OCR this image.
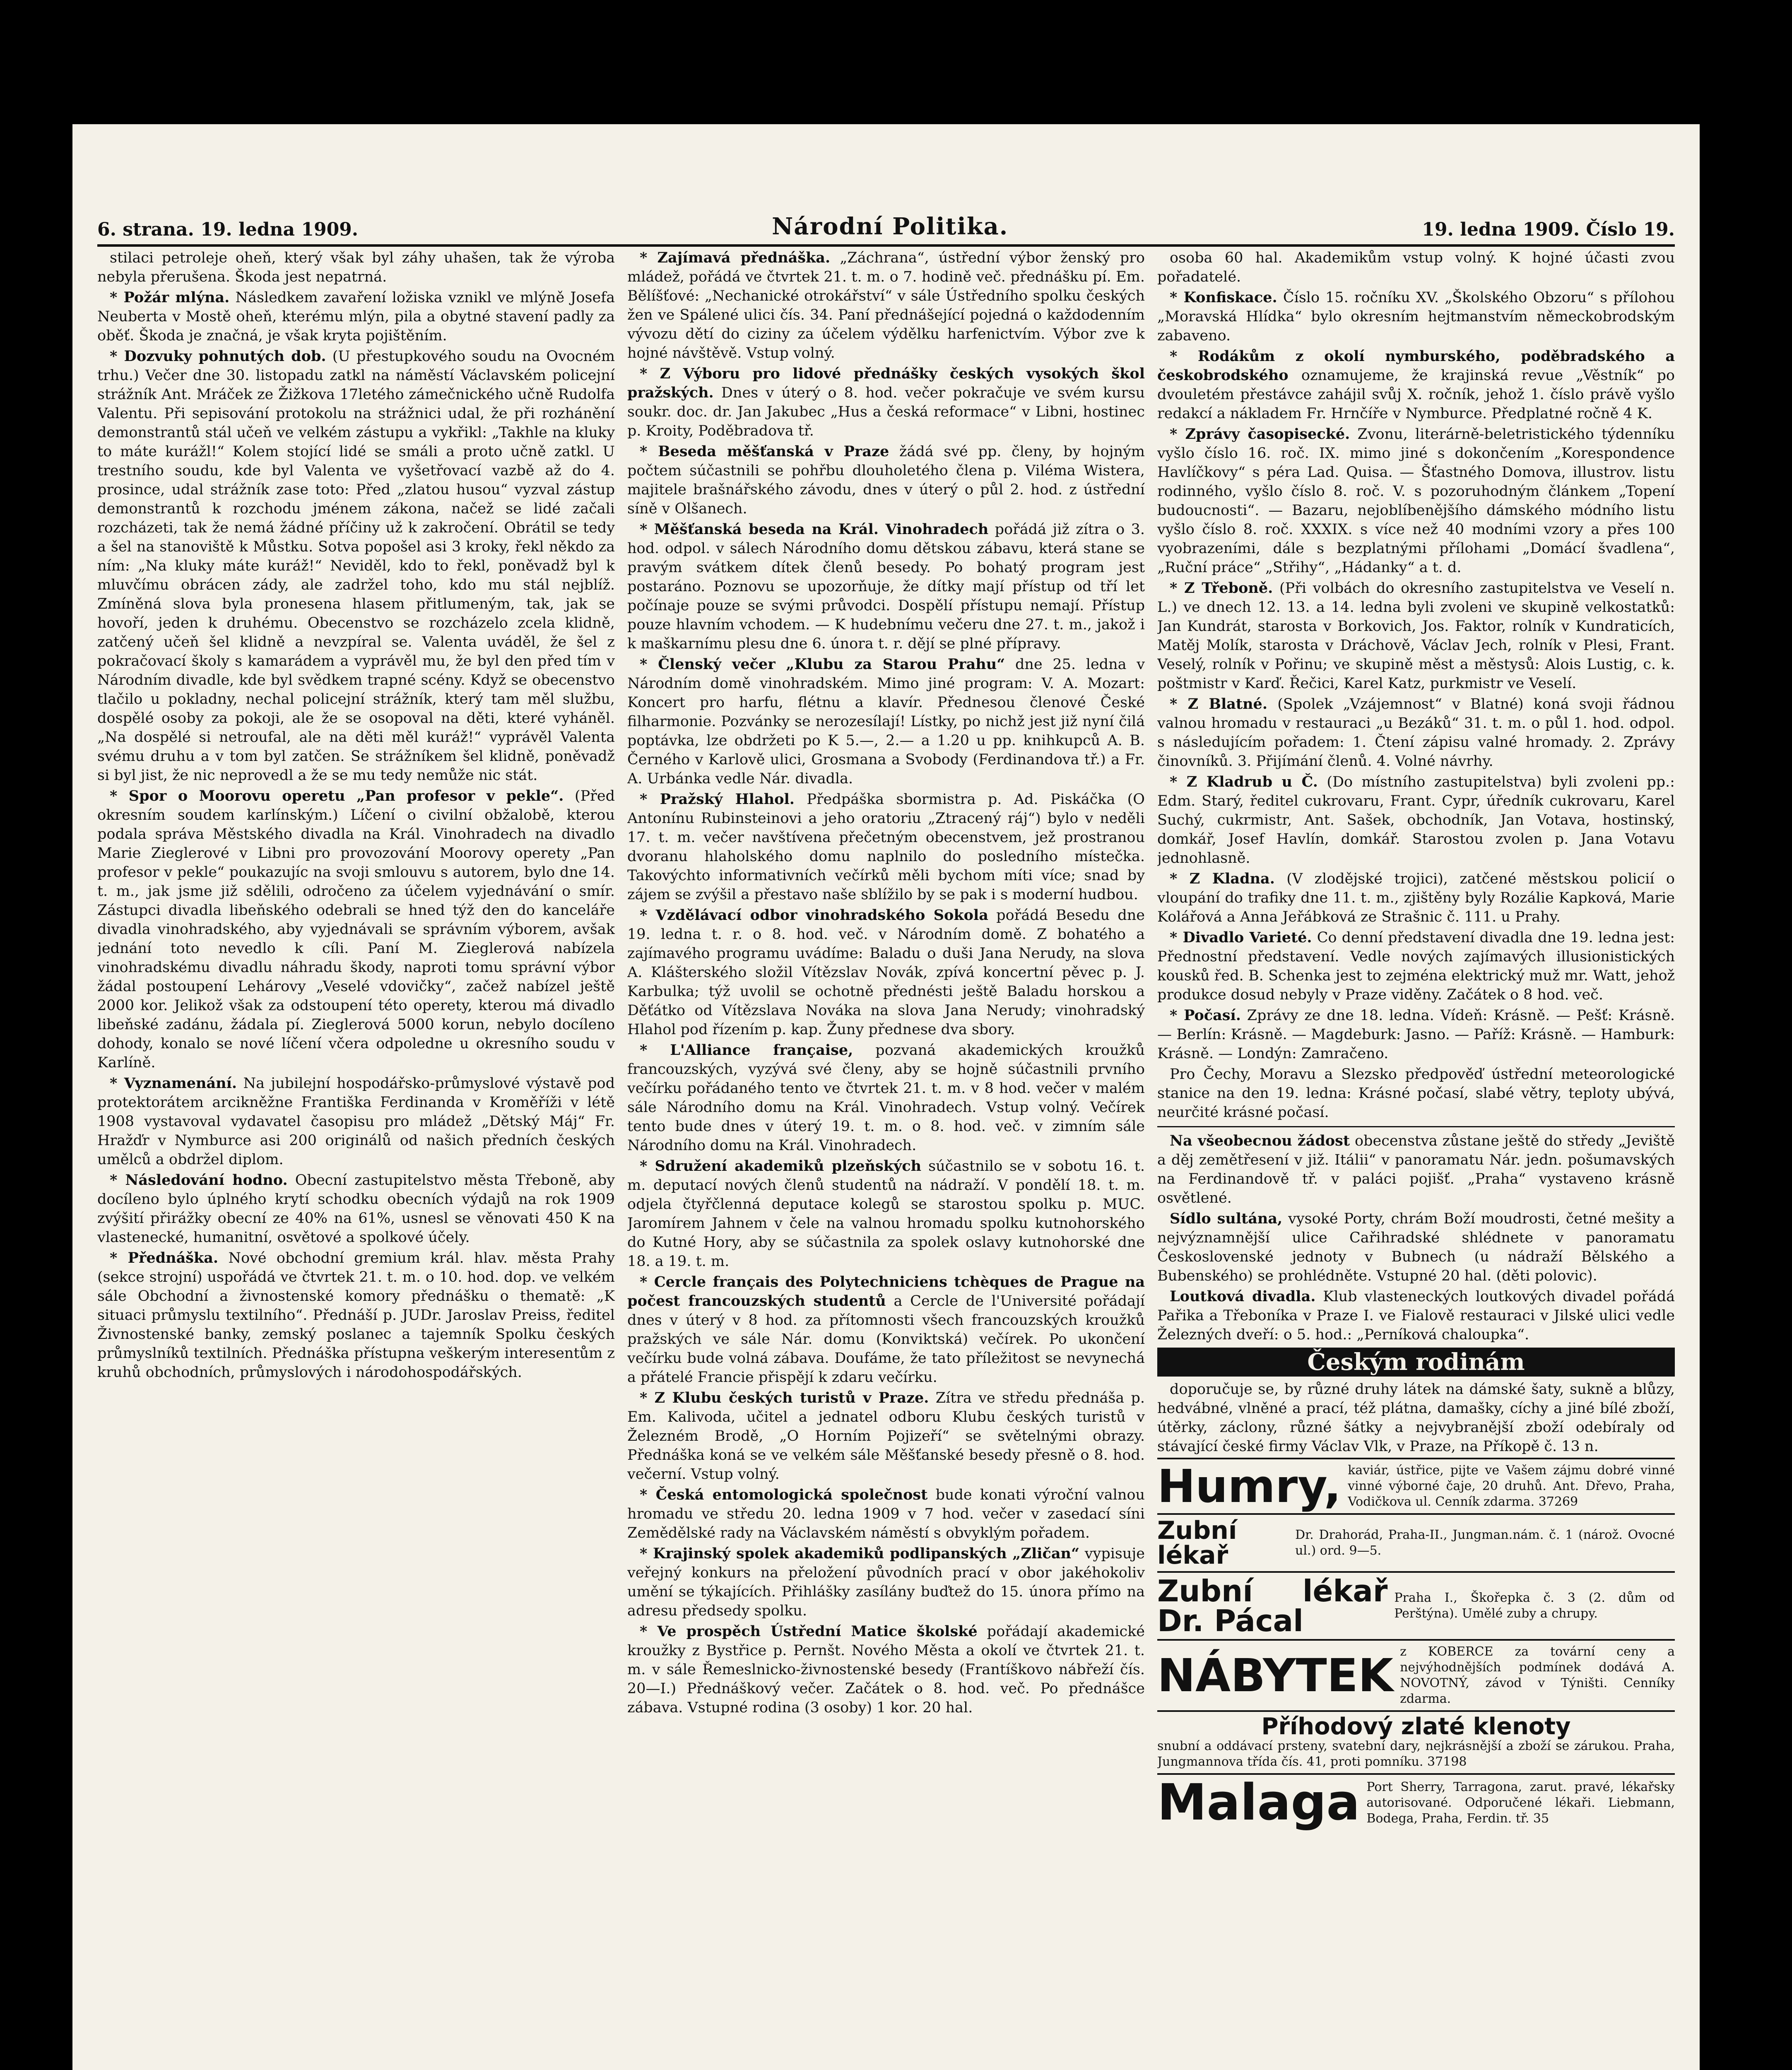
6. strana. 19. ledna 1909.	Národní Politika.	19. ledna 1909. Číslo 19.

stilaci petroleje oheň, který však byl záhy uhašen, tak že výroba nebyla přerušena. Škoda jest nepatrná.

* Požár mlýna. Následkem zavaření ložiska vznikl ve mlýně Josefa Neuberta v Mostě oheň, kterému mlýn, pila a obytné stavení padly za oběť. Škoda je značná, je však kryta pojištěním.

* Dozvuky pohnutých dob. (U přestupkového soudu na Ovocném trhu.) Večer dne 30. listopadu zatkl na náměstí Václavském policejní strážník Ant. Mráček ze Žižkova 17letého zámečnického učně Rudolfa Valentu. Při sepisování protokolu na strážnici udal, že při rozhánění demonstrantů stál učeň ve velkém zástupu a vykřikl: „Takhle na kluky to máte kurážl!“ Kolem stojící lidé se smáli a proto učně zatkl. U trestního soudu, kde byl Valenta ve vyšetřovací vazbě až do 4. prosince, udal strážník zase toto: Před „zlatou husou“ vyzval zástup demonstrantů k rozchodu jménem zákona, načež se lidé začali rozcházeti, tak že nemá žádné příčiny už k zakročení. Obrátil se tedy a šel na stanoviště k Můstku. Sotva popošel asi 3 kroky, řekl někdo za ním: „Na kluky máte kuráž!“ Neviděl, kdo to řekl, poněvadž byl k mluvčímu obrácen zády, ale zadržel toho, kdo mu stál nejblíž. Zmíněná slova byla pronesena hlasem přitlumeným, tak, jak se hovoří, jeden k druhému. Obecenstvo se rozcházelo zcela klidně, zatčený učeň šel klidně a nevzpíral se. Valenta uváděl, že šel z pokračovací školy s kamarádem a vyprávěl mu, že byl den před tím v Národním divadle, kde byl svědkem trapné scény. Když se obecenstvo tlačilo u pokladny, nechal policejní strážník, který tam měl službu, dospělé osoby za pokoji, ale že se osopoval na děti, které vyháněl. „Na dospělé si netroufal, ale na děti měl kuráž!“ vyprávěl Valenta svému druhu a v tom byl zatčen. Se strážníkem šel klidně, poněvadž si byl jist, že nic neprovedl a že se mu tedy nemůže nic stát.

* Spor o Moorovu operetu „Pan profesor v pekle“. (Před okresním soudem karlínským.) Líčení o civilní obžalobě, kterou podala správa Městského divadla na Král. Vinohradech na divadlo Marie Zieglerové v Libni pro provozování Moorovy operety „Pan profesor v pekle“ poukazujíc na svoji smlouvu s autorem, bylo dne 14. t. m., jak jsme již sdělili, odročeno za účelem vyjednávání o smír. Zástupci divadla libeňského odebrali se hned týž den do kanceláře divadla vinohradského, aby vyjednávali se správním výborem, avšak jednání toto nevedlo k cíli. Paní M. Zieglerová nabízela vinohradskému divadlu náhradu škody, naproti tomu správní výbor žádal postoupení Lehárovy „Veselé vdovičky“, začež nabízel ještě 2000 kor. Jelikož však za odstoupení této operety, kterou má divadlo libeňské zadánu, žádala pí. Zieglerová 5000 korun, nebylo docíleno dohody, konalo se nové líčení včera odpoledne u okresního soudu v Karlíně.

* Vyznamenání. Na jubilejní hospodářsko-průmyslové výstavě pod protektorátem arcikněžne Františka Ferdinanda v Kroměříži v létě 1908 vystavoval vydavatel časopisu pro mládež „Dětský Máj“ Fr. Hražďr v Nymburce asi 200 originálů od našich předních českých umělců a obdržel diplom.

* Následování hodno. Obecní zastupitelstvo města Třeboně, aby docíleno bylo úplného krytí schodku obecních výdajů na rok 1909 zvýšití přirážky obecní ze 40% na 61%, usnesl se věnovati 450 K na vlastenecké, humanitní, osvětové a spolkové účely.

* Přednáška. Nové obchodní gremium král. hlav. města Prahy (sekce strojní) uspořádá ve čtvrtek 21. t. m. o 10. hod. dop. ve velkém sále Obchodní a živnostenské komory přednášku o thematě: „K situaci průmyslu textilního“. Přednáší p. JUDr. Jaroslav Preiss, ředitel Živnostenské banky, zemský poslanec a tajemník Spolku českých průmyslníků textilních. Přednáška přístupna veškerým interesentům z kruhů obchodních, průmyslových i národohospodářských.

* Zajímavá přednáška. „Záchrana“, ústřední výbor ženský pro mládež, pořádá ve čtvrtek 21. t. m. o 7. hodině več. přednášku pí. Em. Bělíšťové: „Nechanické otrokářství“ v sále Ústředního spolku českých žen ve Spálené ulici čís. 34. Paní přednášející pojedná o každodenním vývozu dětí do ciziny za účelem výdělku harfenictvím. Výbor zve k hojné návštěvě. Vstup volný.

* Z Výboru pro lidové přednášky českých vysokých škol pražských. Dnes v úterý o 8. hod. večer pokračuje ve svém kursu soukr. doc. dr. Jan Jakubec „Hus a česká reformace“ v Libni, hostinec p. Kroity, Poděbradova tř.

* Beseda měšťanská v Praze žádá své pp. členy, by hojným počtem súčastnili se pohřbu dlouholetého člena p. Viléma Wistera, majitele brašnářského závodu, dnes v úterý o půl 2. hod. z ústřední síně v Olšanech.

* Měšťanská beseda na Král. Vinohradech pořádá již zítra o 3. hod. odpol. v sálech Národního domu dětskou zábavu, která stane se pravým svátkem dítek členů besedy. Po bohatý program jest postaráno. Poznovu se upozorňuje, že dítky mají přístup od tří let počínaje pouze se svými průvodci. Dospělí přístupu nemají. Přístup pouze hlavním vchodem. — K hudebnímu večeru dne 27. t. m., jakož i k maškarnímu plesu dne 6. února t. r. dějí se plné přípravy.

* Členský večer „Klubu za Starou Prahu“ dne 25. ledna v Národním domě vinohradském. Mimo jiné program: V. A. Mozart: Koncert pro harfu, flétnu a klavír. Přednesou členové České filharmonie. Pozvánky se nerozesílají! Lístky, po nichž jest již nyní čilá poptávka, lze obdržeti po K 5.—, 2.— a 1.20 u pp. knihkupců A. B. Černého v Karlově ulici, Grosmana a Svobody (Ferdinandova tř.) a Fr. A. Urbánka vedle Nár. divadla.

* Pražský Hlahol. Předpáška sbormistra p. Ad. Piskáčka (O Antonínu Rubinsteinovi a jeho oratoriu „Ztracený ráj“) bylo v neděli 17. t. m. večer navštívena přečetným obecenstvem, jež prostranou dvoranu hlaholského domu naplnilo do posledního místečka. Takovýchto informativních večírků měli bychom míti více; snad by zájem se zvýšil a přestavo naše sblížilo by se pak i s moderní hudbou.

* Vzdělávací odbor vinohradského Sokola pořádá Besedu dne 19. ledna t. r. o 8. hod. več. v Národním domě. Z bohatého a zajímavého programu uvádíme: Baladu o duši Jana Nerudy, na slova A. Klášterského složil Vítězslav Novák, zpívá koncertní pěvec p. J. Karbulka; týž uvolil se ochotně přednésti ještě Baladu horskou a Děťátko od Vítězslava Nováka na slova Jana Nerudy; vinohradský Hlahol pod řízením p. kap. Žuny přednese dva sbory.

* L'Alliance française, pozvaná akademických kroužků francouzských, vyzývá své členy, aby se hojně súčastnili prvního večírku pořádaného tento ve čtvrtek 21. t. m. v 8 hod. večer v malém sále Národního domu na Král. Vinohradech. Vstup volný. Večírek tento bude dnes v úterý 19. t. m. o 8. hod. več. v zimním sále Národního domu na Král. Vinohradech.

* Sdružení akademiků plzeňských súčastnilo se v sobotu 16. t. m. deputací nových členů studentů na nádraží. V pondělí 18. t. m. odjela čtyřčlenná deputace kolegů se starostou spolku p. MUC. Jaromírem Jahnem v čele na valnou hromadu spolku kutnohorského do Kutné Hory, aby se súčastnila za spolek oslavy kutnohorské dne 18. a 19. t. m.

* Cercle français des Polytechniciens tchèques de Prague na počest francouzských studentů a Cercle de l'Université pořádají dnes v úterý v 8 hod. za přítomnosti všech francouzských kroužků pražských ve sále Nár. domu (Konviktská) večírek. Po ukončení večírku bude volná zábava. Doufáme, že tato příležitost se nevynechá a přátelé Francie přispějí k zdaru večírku.

* Z Klubu českých turistů v Praze. Zítra ve středu přednáša p. Em. Kalivoda, učitel a jednatel odboru Klubu českých turistů v Železném Brodě, „O Horním Pojizeří“ se světelnými obrazy. Přednáška koná se ve velkém sále Měšťanské besedy přesně o 8. hod. večerní. Vstup volný.

* Česká entomologická společnost bude konati výroční valnou hromadu ve středu 20. ledna 1909 v 7 hod. večer v zasedací síni Zemědělské rady na Václavském náměstí s obvyklým pořadem.

* Krajinský spolek akademiků podlipanských „Zličan“ vypisuje veřejný konkurs na přeložení původních prací v obor jakéhokoliv umění se týkajících. Přihlášky zasílány buďtež do 15. února přímo na adresu předsedy spolku.

* Ve prospěch Ústřední Matice školské pořádají akademické kroužky z Bystřice p. Pernšt. Nového Města a okolí ve čtvrtek 21. t. m. v sále Řemeslnicko-živnostenské besedy (Frantíškovo nábřeží čís. 20—I.) Přednáškový večer. Začátek o 8. hod. več. Po přednášce zábava. Vstupné rodina (3 osoby) 1 kor. 20 hal.

osoba 60 hal. Akademikům vstup volný. K hojné účasti zvou pořadatelé.

* Konfiskace. Číslo 15. ročníku XV. „Školského Obzoru“ s přílohou „Moravská Hlídka“ bylo okresním hejtmanstvím německobrodským zabaveno.

* Rodákům z okolí nymburského, poděbradského a českobrodského oznamujeme, že krajinská revue „Věstník“ po dvouletém přestávce zahájil svůj X. ročník, jehož 1. číslo právě vyšlo redakcí a nákladem Fr. Hrnčíře v Nymburce. Předplatné ročně 4 K.

* Zprávy časopisecké. Zvonu, literárně-beletristického týdenníku vyšlo číslo 16. roč. IX. mimo jiné s dokončením „Korespondence Havlíčkovy“ s péra Lad. Quisa. — Šťastného Domova, illustrov. listu rodinného, vyšlo číslo 8. roč. V. s pozoruhodným článkem „Topení budoucnosti“. — Bazaru, nejoblíbenějšího dámského módního listu vyšlo číslo 8. roč. XXXIX. s více než 40 modními vzory a přes 100 vyobrazeními, dále s bezplatnými přílohami „Domácí švadlena“, „Ruční práce“ „Střihy“, „Hádanky“ a t. d.

* Z Třeboně. (Při volbách do okresního zastupitelstva ve Veselí n. L.) ve dnech 12. 13. a 14. ledna byli zvoleni ve skupině velkostatků: Jan Kundrát, starosta v Borkovich, Jos. Faktor, rolník v Kundraticích, Matěj Molík, starosta v Dráchově, Václav Jech, rolník v Plesi, Frant. Veselý, rolník v Pořinu; ve skupině měst a městysů: Alois Lustig, c. k. poštmistr v Karď. Řečici, Karel Katz, purkmistr ve Veselí.

* Z Blatné. (Spolek „Vzájemnost“ v Blatné) koná svoji řádnou valnou hromadu v restauraci „u Bezáků“ 31. t. m. o půl 1. hod. odpol. s následujícím pořadem: 1. Čtení zápisu valné hromady. 2. Zprávy činovníků. 3. Přijímání členů. 4. Volné návrhy.

* Z Kladrub u Č. (Do místního zastupitelstva) byli zvoleni pp.: Edm. Starý, ředitel cukrovaru, Frant. Cypr, úředník cukrovaru, Karel Suchý, cukrmistr, Ant. Sašek, obchodník, Jan Votava, hostinský, domkář, Josef Havlín, domkář. Starostou zvolen p. Jana Votavu jednohlasně.

* Z Kladna. (V zlodějské trojici), zatčené městskou policií o vloupání do trafiky dne 11. t. m., zjištěny byly Rozálie Kapková, Marie Kolářová a Anna Jeřábková ze Strašnic č. 111. u Prahy.

* Divadlo Varieté. Co denní představení divadla dne 19. ledna jest: Přednostní představení. Vedle nových zajímavých illusionistických kousků řed. B. Schenka jest to zejména elektrický muž mr. Watt, jehož produkce dosud nebyly v Praze viděny. Začátek o 8 hod. več.

* Počasí. Zprávy ze dne 18. ledna. Vídeň: Krásně. — Pešť: Krásně. — Berlín: Krásně. — Magdeburk: Jasno. — Paříž: Krásně. — Hamburk: Krásně. — Londýn: Zamračeno.

Pro Čechy, Moravu a Slezsko předpověď ústřední meteorologické stanice na den 19. ledna: Krásné počasí, slabé větry, teploty ubývá, neurčité krásné počasí.

Na všeobecnou žádost obecenstva zůstane ještě do středy „Jeviště a děj zemětřesení v již. Itálii“ v panoramatu Nár. jedn. pošumavských na Ferdinandově tř. v paláci pojišť. „Praha“ vystaveno krásně osvětlené.

Sídlo sultána, vysoké Porty, chrám Boží moudrosti, četné mešity a nejvýznamnější ulice Cařihradské shlédnete v panoramatu Československé jednoty v Bubnech (u nádraží Bělského a Bubenského) se prohlédněte. Vstupné 20 hal. (děti polovic).

Loutková divadla. Klub vlasteneckých loutkových divadel pořádá Pařika a Třeboníka v Praze I. ve Fialově restauraci v Jilské ulici vedle Železných dveří: o 5. hod.: „Perníková chaloupka“.

Českým rodinám

doporučuje se, by různé druhy látek na dámské šaty, sukně a blůzy, hedvábné, vlněné a prací, též plátna, damašky, cíchy a jiné bílé zboží, útěrky, záclony, různé šátky a nejvybranější zboží odebíraly od stávající české firmy Václav Vlk, v Praze, na Příkopě č. 13 n.

Humry, kaviár, ústřice, pijte ve Vašem zájmu dobré vinné vinné výborné čaje, 20 druhů. Ant. Dřevo, Praha, Vodičkova ul. Cenník zdarma. 37269
Zubní lékař
Dr. Drahorád, Praha-II., Jungman.nám. č. 1 (nárož. Ovocné ul.) ord. 9—5.
Zubní lékař Dr. Pácal
Praha I., Škořepka č. 3 (2. dům od Perštýna). Umělé zuby a chrupy.
NÁBYTEK z KOBERCE za tovární ceny a nejvýhodnějších podmínek dodává A. NOVOTNÝ, závod v Týništi. Cenníky zdarma.
Příhodový zlaté klenoty
snubní a oddávací prsteny, svatební dary, nejkrásnější a zboží se zárukou. Praha, Jungmannova třída čís. 41, proti pomníku. 37198
Malaga Port Sherry, Tarragona, zarut. pravé, lékařsky autorisované. Odporučené lékaři. Liebmann, Bodega, Praha, Ferdin. tř. 35
